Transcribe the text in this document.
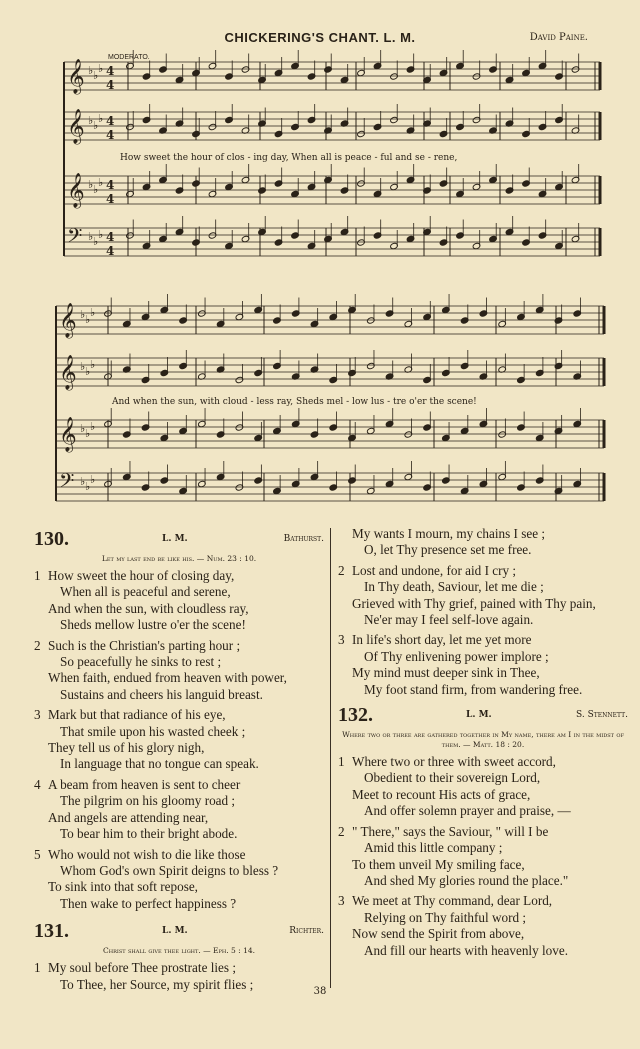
CHICKERING'S CHANT. L. M.	David Paine.
MODERATO.
𝄞 ♭ ♭
♭ 4
4
𝄞 ♭ ♭
♭ 4
4
𝄞 ♭ ♭
♭ 4
4
𝄢 ♭ ♭
♭ 4
4
𝄞 ♭ ♭
♭
𝄞 ♭ ♭
♭
𝄞 ♭ ♭
♭
𝄢 ♭ ♭
♭
How sweet the hour of clos - ing day, When all is peace - ful and se - rene,
And when the sun, with cloud - less ray, Sheds mel - low lus - tre o'er the scene!
130.	L. M.	Bathurst.
Let my last end be like his. — Num. 23 : 10.
1 How sweet the hour of closing day,
When all is peaceful and serene,
And when the sun, with cloudless ray,
Sheds mellow lustre o'er the scene!
2 Such is the Christian's parting hour ;
So peacefully he sinks to rest ;
When faith, endued from heaven with power,
Sustains and cheers his languid breast.
3 Mark but that radiance of his eye,
That smile upon his wasted cheek ;
They tell us of his glory nigh,
In language that no tongue can speak.
4 A beam from heaven is sent to cheer
The pilgrim on his gloomy road ;
And angels are attending near,
To bear him to their bright abode.
5 Who would not wish to die like those
Whom God's own Spirit deigns to bless ?
To sink into that soft repose,
Then wake to perfect happiness ?
131.	L. M.	Richter.
Christ shall give thee light. — Eph. 5 : 14.
1 My soul before Thee prostrate lies ;
To Thee, her Source, my spirit flies ;
My wants I mourn, my chains I see ;
O, let Thy presence set me free.
2 Lost and undone, for aid I cry ;
In Thy death, Saviour, let me die ;
Grieved with Thy grief, pained with Thy pain,
Ne'er may I feel self-love again.
3 In life's short day, let me yet more
Of Thy enlivening power implore ;
My mind must deeper sink in Thee,
My foot stand firm, from wandering free.
132.	L. M.	S. Stennett.
Where two or three are gathered together in My name, there am I in the midst of them. — Matt. 18 : 20.
1 Where two or three with sweet accord,
Obedient to their sovereign Lord,
Meet to recount His acts of grace,
And offer solemn prayer and praise, —
2 " There," says the Saviour, " will I be
Amid this little company ;
To them unveil My smiling face,
And shed My glories round the place."
3 We meet at Thy command, dear Lord,
Relying on Thy faithful word ;
Now send the Spirit from above,
And fill our hearts with heavenly love.
38
